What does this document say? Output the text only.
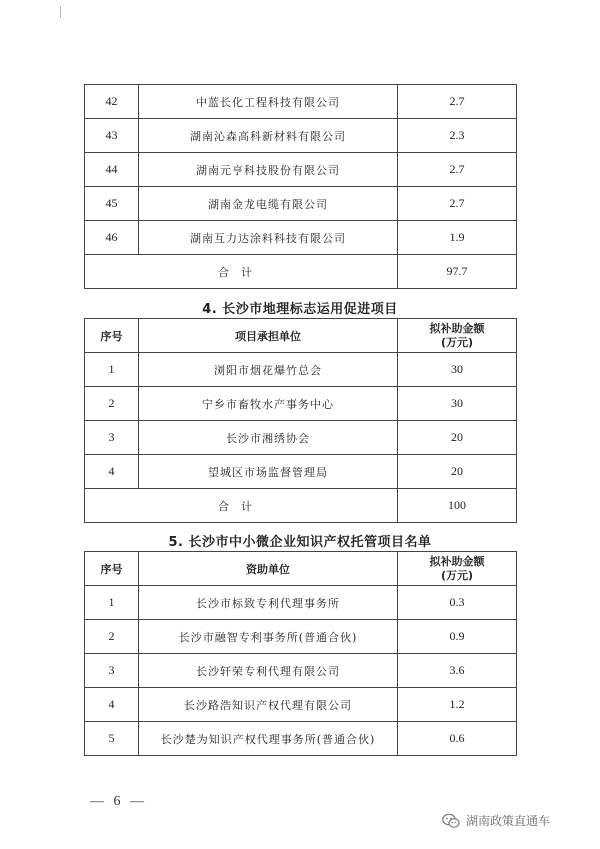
42	中蓝长化工程科技有限公司	2.7
43	湖南沁森高科新材料有限公司	2.3
44	湖南元亨科技股份有限公司	2.7
45	湖南金龙电缆有限公司	2.7
46	湖南互力达涂料科技有限公司	1.9
合计		97.7
4. 长沙市地理标志运用促进项目
序号	项目承担单位	拟补助金额
(万元)

1	浏阳市烟花爆竹总会	30
2	宁乡市畜牧水产事务中心	30
3	长沙市湘绣协会	20
4	望城区市场监督管理局	20
合计		100
5. 长沙市中小微企业知识产权托管项目名单
序号	资助单位	拟补助金额
(万元)

1	长沙市标致专利代理事务所	0.3
2	长沙市融智专利事务所(普通合伙)	0.9
3	长沙轩荣专利代理有限公司	3.6
4	长沙路浩知识产权代理有限公司	1.2
5	长沙楚为知识产权代理事务所(普通合伙)	0.6
— 6 —
湖南政策直通车
